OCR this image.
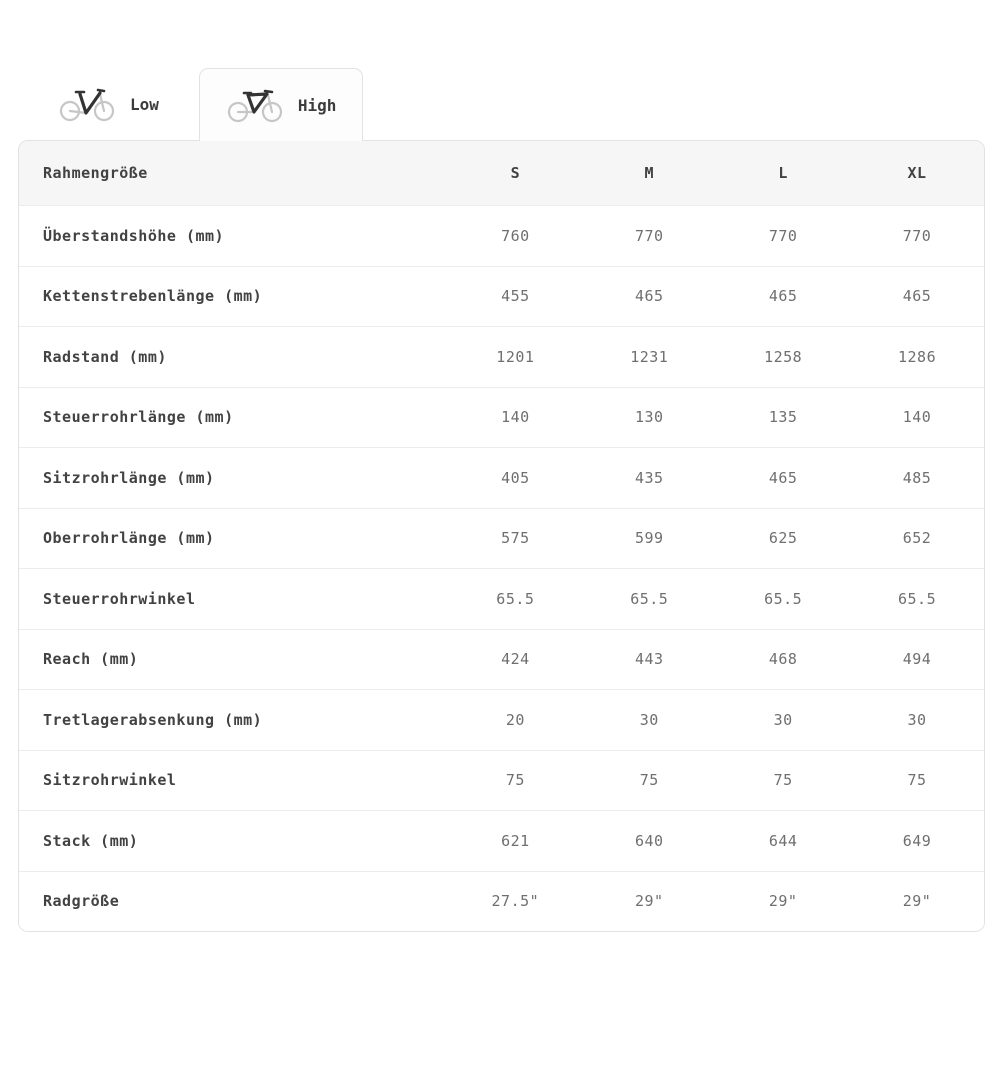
Low	High
Rahmengröße	S	M	L	XL
Überstandshöhe (mm)	760	770	770	770
Kettenstrebenlänge (mm)	455	465	465	465
Radstand (mm)	1201	1231	1258	1286
Steuerrohrlänge (mm)	140	130	135	140
Sitzrohrlänge (mm)	405	435	465	485
Oberrohrlänge (mm)	575	599	625	652
Steuerrohrwinkel	65.5	65.5	65.5	65.5
Reach (mm)	424	443	468	494
Tretlagerabsenkung (mm)	20	30	30	30
Sitzrohrwinkel	75	75	75	75
Stack (mm)	621	640	644	649
Radgröße	27.5"	29"	29"	29"
